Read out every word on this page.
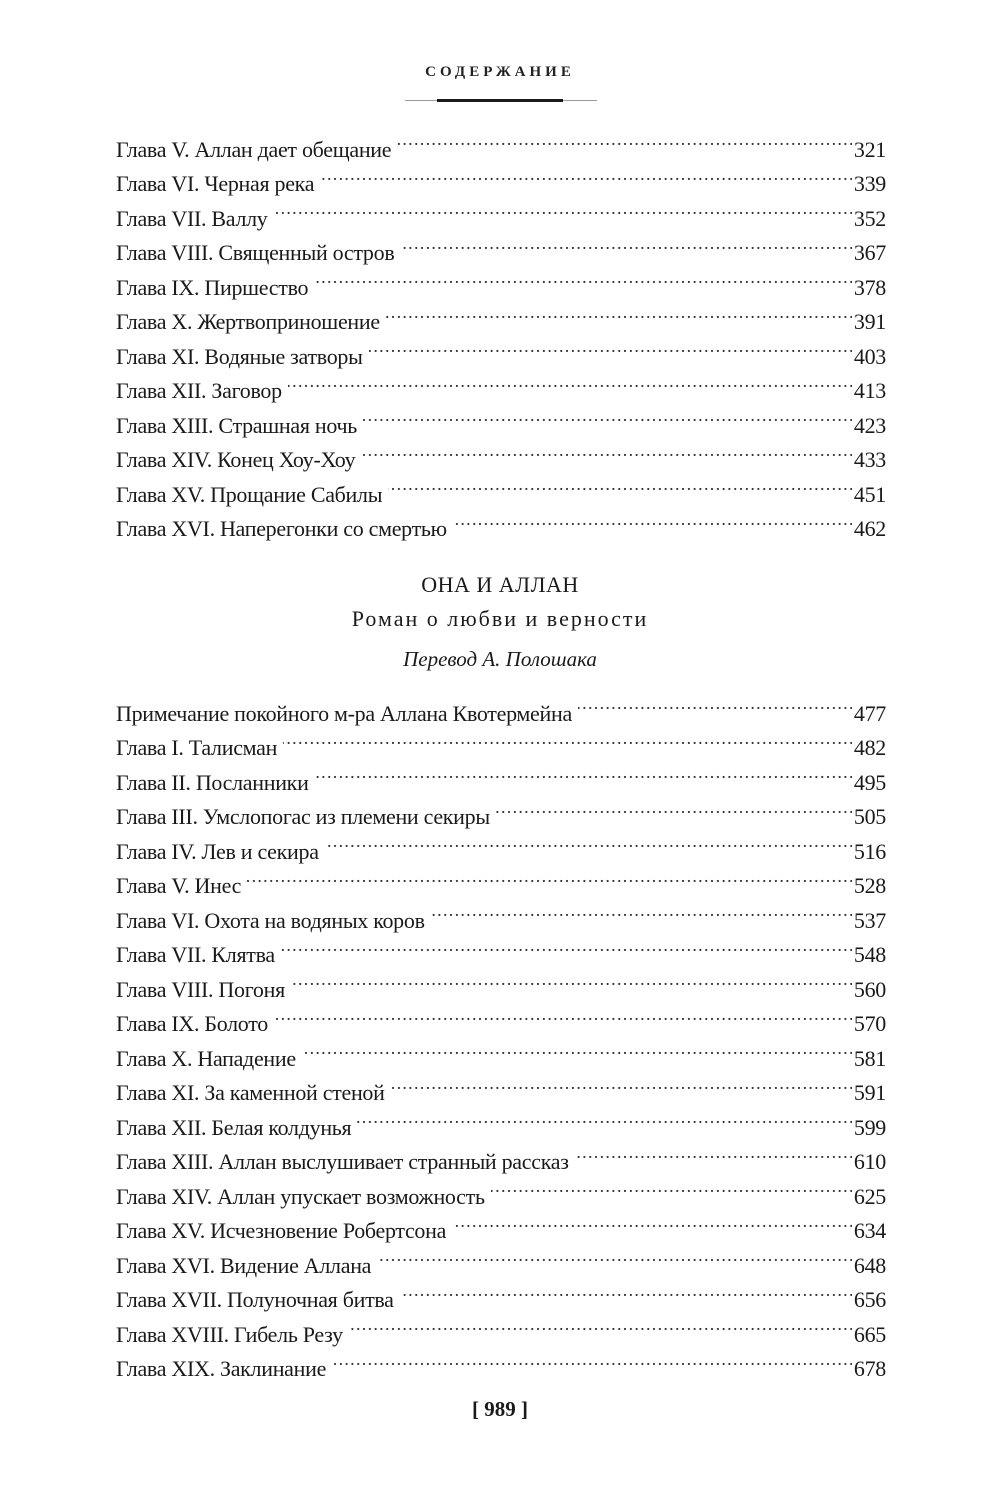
СОДЕРЖАНИЕ
Глава V. Аллан дает обещание . . .	321
Глава VI. Черная река . . .	339
Глава VII. Валлу . . .	352
Глава VIII. Священный остров . . .	367
Глава IX. Пиршество . . .	378
Глава X. Жертвоприношение . . .	391
Глава XI. Водяные затворы . . .	403
Глава XII. Заговор . . .	413
Глава XIII. Страшная ночь . . .	423
Глава XIV. Конец Хоу-Хоу . . .	433
Глава XV. Прощание Сабилы . . .	451
Глава XVI. Наперегонки со смертью . . .	462
ОНА И АЛЛАН
Роман о любви и верности
Перевод А. Полошака
Примечание покойного м-ра Аллана Квотермейна . . .	477
Глава I. Талисман . . .	482
Глава II. Посланники . . .	495
Глава III. Умслопогас из племени секиры . . .	505
Глава IV. Лев и секира . . .	516
Глава V. Инес . . .	528
Глава VI. Охота на водяных коров . . .	537
Глава VII. Клятва . . .	548
Глава VIII. Погоня . . .	560
Глава IX. Болото . . .	570
Глава X. Нападение . . .	581
Глава XI. За каменной стеной . . .	591
Глава XII. Белая колдунья . . .	599
Глава XIII. Аллан выслушивает странный рассказ . . .	610
Глава XIV. Аллан упускает возможность . . .	625
Глава XV. Исчезновение Робертсона . . .	634
Глава XVI. Видение Аллана . . .	648
Глава XVII. Полуночная битва . . .	656
Глава XVIII. Гибель Резу . . .	665
Глава XIX. Заклинание . . .	678
[ 989 ]
